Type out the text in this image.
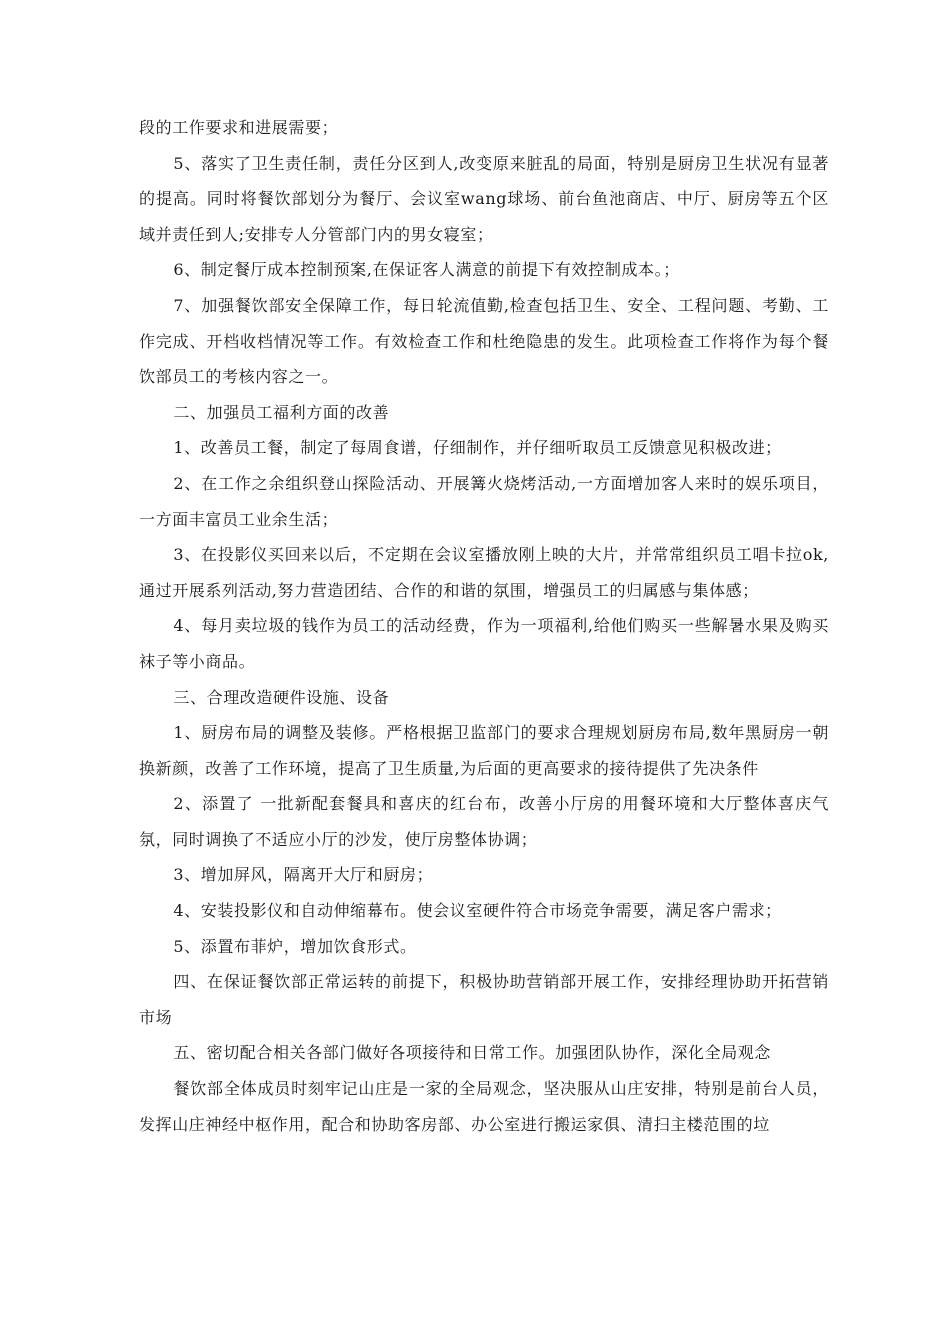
段的工作要求和进展需要；

5、落实了卫生责任制，责任分区到人,改变原来脏乱的局面，特别是厨房卫生状况有显著的提高。同时将餐饮部划分为餐厅、会议室wang球场、前台鱼池商店、中厅、厨房等五个区域并责任到人;安排专人分管部门内的男女寝室；

6、制定餐厅成本控制预案,在保证客人满意的前提下有效控制成本。；

7、加强餐饮部安全保障工作，每日轮流值勤,检查包括卫生、安全、工程问题、考勤、工作完成、开档收档情况等工作。有效检查工作和杜绝隐患的发生。此项检查工作将作为每个餐饮部员工的考核内容之一。

二、加强员工福利方面的改善

1、改善员工餐，制定了每周食谱，仔细制作，并仔细听取员工反馈意见积极改进；

2、在工作之余组织登山探险活动、开展篝火烧烤活动,一方面增加客人来时的娱乐项目，一方面丰富员工业余生活；

3、在投影仪买回来以后，不定期在会议室播放刚上映的大片，并常常组织员工唱卡拉ok,通过开展系列活动,努力营造团结、合作的和谐的氛围，增强员工的归属感与集体感；

4、每月卖垃圾的钱作为员工的活动经费，作为一项福利,给他们购买一些解暑水果及购买袜子等小商品。

三、合理改造硬件设施、设备

1、厨房布局的调整及装修。严格根据卫监部门的要求合理规划厨房布局,数年黑厨房一朝换新颜，改善了工作环境，提高了卫生质量,为后面的更高要求的接待提供了先决条件

2、添置了 一批新配套餐具和喜庆的红台布，改善小厅房的用餐环境和大厅整体喜庆气氛，同时调换了不适应小厅的沙发，使厅房整体协调；

3、增加屏风，隔离开大厅和厨房；

4、安装投影仪和自动伸缩幕布。使会议室硬件符合市场竞争需要，满足客户需求；

5、添置布菲炉，增加饮食形式。

四、在保证餐饮部正常运转的前提下，积极协助营销部开展工作，安排经理协助开拓营销市场

五、密切配合相关各部门做好各项接待和日常工作。加强团队协作，深化全局观念

餐饮部全体成员时刻牢记山庄是一家的全局观念，坚决服从山庄安排，特别是前台人员，发挥山庄神经中枢作用，配合和协助客房部、办公室进行搬运家俱、清扫主楼范围的垃
